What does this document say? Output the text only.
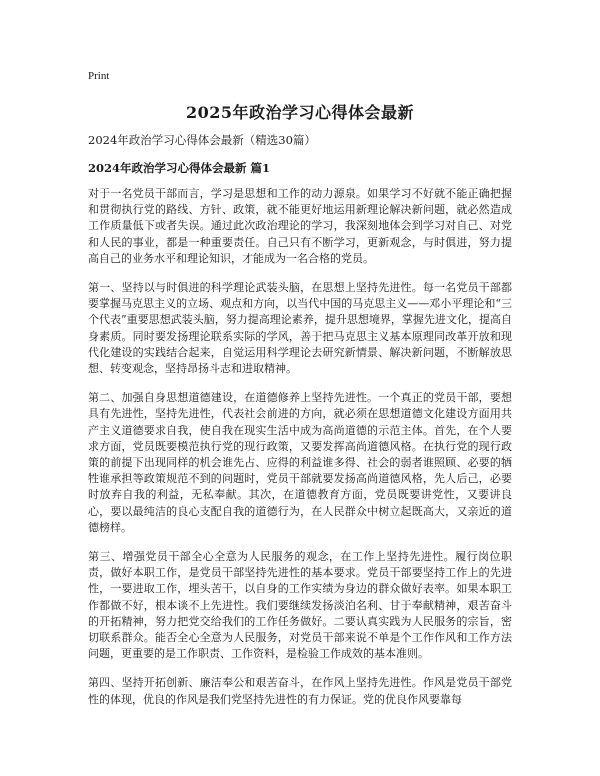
Print
2025年政治学习心得体会最新
2024年政治学习心得体会最新（精选30篇）
2024年政治学习心得体会最新 篇1

对于一名党员干部而言，学习是思想和工作的动力源泉。如果学习不好就不能正确把握和贯彻执行党的路线、方针、政策，就不能更好地运用新理论解决新问题，就必然造成工作质量低下或者失误。通过此次政治理论的学习，我深刻地体会到学习对自己、对党和人民的事业，都是一种重要责任。自己只有不断学习，更新观念，与时俱进，努力提高自己的业务水平和理论知识，才能成为一名合格的党员。

第一、坚持以与时俱进的科学理论武装头脑，在思想上坚持先进性。每一名党员干部都要掌握马克思主义的立场、观点和方向，以当代中国的马克思主义——邓小平理论和“三个代表”重要思想武装头脑，努力提高理论素养，提升思想境界，掌握先进文化，提高自身素质。同时要发扬理论联系实际的学风，善于把马克思主义基本原理同改革开放和现代化建设的实践结合起来，自觉运用科学理论去研究新情景、解决新问题，不断解放思想、转变观念，坚持昂扬斗志和进取精神。

第二、加强自身思想道德建设，在道德修养上坚持先进性。一个真正的党员干部，要想具有先进性，坚持先进性，代表社会前进的方向，就必须在思想道德文化建设方面用共产主义道德要求自我，使自我在现实生活中成为高尚道德的示范主体。首先，在个人要求方面，党员既要模范执行党的现行政策，又要发挥高尚道德风格。在执行党的现行政策的前提下出现同样的机会谁先占、应得的利益谁多得、社会的弱者谁照顾、必要的牺牲谁承担等政策规范不到的问题时，党员干部就要发扬高尚道德风格，先人后己，必要时放弃自我的利益，无私奉献。其次，在道德教育方面，党员既要讲党性，又要讲良心，要以最纯洁的良心支配自我的道德行为，在人民群众中树立起既高大，又亲近的道德榜样。

第三、增强党员干部全心全意为人民服务的观念，在工作上坚持先进性。履行岗位职责，做好本职工作，是党员干部坚持先进性的基本要求。党员干部要坚持工作上的先进性，一要进取工作，埋头苦干，以自身的工作实绩为身边的群众做好表率。如果本职工作都做不好，根本谈不上先进性。我们要继续发扬淡泊名利、甘于奉献精神，艰苦奋斗的开拓精神，努力把党交给我们的工作任务做好。二要认真实践为人民服务的宗旨，密切联系群众。能否全心全意为人民服务，对党员干部来说不单是个工作作风和工作方法问题，更重要的是工作职责、工作资料，是检验工作成效的基本准则。

第四、坚持开拓创新、廉洁奉公和艰苦奋斗，在作风上坚持先进性。作风是党员干部党性的体现，优良的作风是我们党坚持先进性的有力保证。党的优良作风要靠每
